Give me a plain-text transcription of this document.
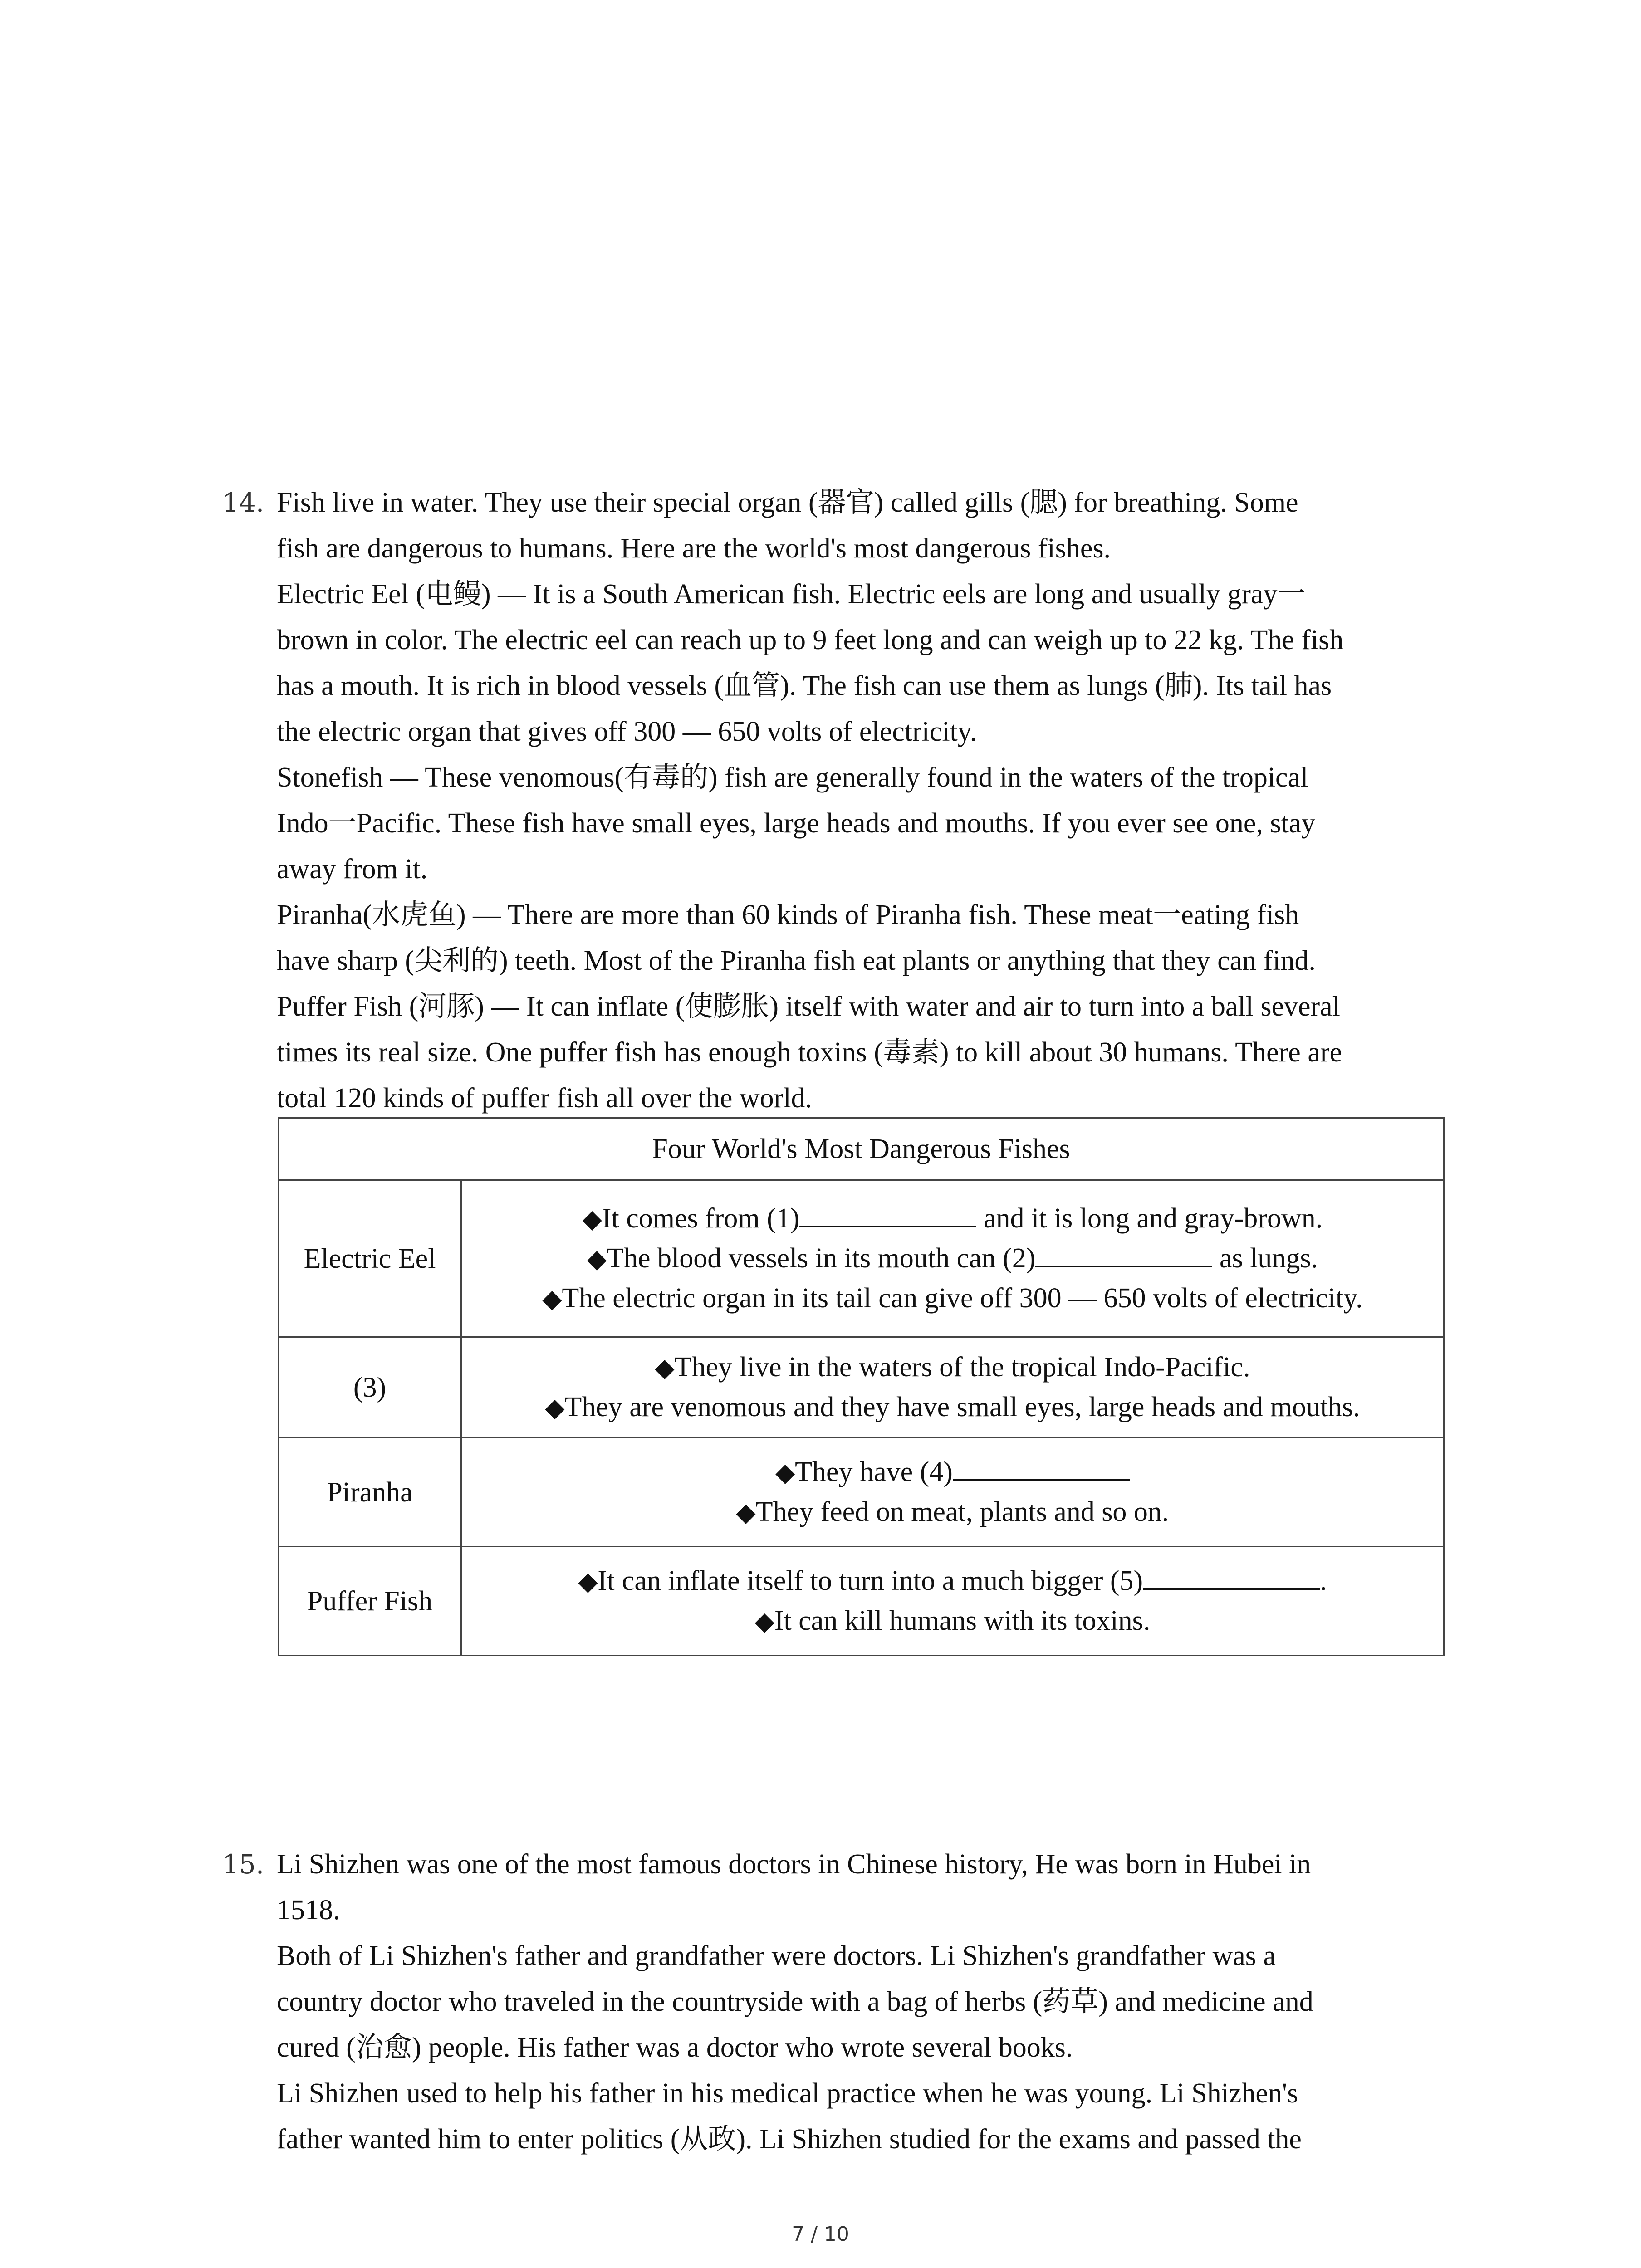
14. Fish live in water. They use their special organ (器官) called gills (腮) for breathing. Some
fish are dangerous to humans. Here are the world's most dangerous fishes.
Electric Eel (电鳗) — It is a South American fish. Electric eels are long and usually gray一
brown in color. The electric eel can reach up to 9 feet long and can weigh up to 22 kg. The fish
has a mouth. It is rich in blood vessels (血管). The fish can use them as lungs (肺). Its tail has
the electric organ that gives off 300 — 650 volts of electricity.
Stonefish — These venomous(有毒的) fish are generally found in the waters of the tropical
Indo一Pacific. These fish have small eyes, large heads and mouths. If you ever see one, stay
away from it.
Piranha(水虎鱼) — There are more than 60 kinds of Piranha fish. These meat一eating fish
have sharp (尖利的) teeth. Most of the Piranha fish eat plants or anything that they can find.
Puffer Fish (河豚) — It can inflate (使膨胀) itself with water and air to turn into a ball several
times its real size. One puffer fish has enough toxins (毒素) to kill about 30 humans. There are
total 120 kinds of puffer fish all over the world.
Four World's Most Dangerous Fishes	
Electric Eel	◆It comes from (1) and it is long and gray-brown.
◆The blood vessels in its mouth can (2) as lungs.
◆The electric organ in its tail can give off 300 — 650 volts of electricity.

(3)	◆They live in the waters of the tropical Indo-Pacific.
◆They are venomous and they have small eyes, large heads and mouths.

Piranha	◆They have (4)
◆They feed on meat, plants and so on.

Puffer Fish	◆It can inflate itself to turn into a much bigger (5) .
◆It can kill humans with its toxins.
15. Li Shizhen was one of the most famous doctors in Chinese history, He was born in Hubei in
1518.
Both of Li Shizhen's father and grandfather were doctors. Li Shizhen's grandfather was a
country doctor who traveled in the countryside with a bag of herbs (药草) and medicine and
cured (治愈) people. His father was a doctor who wrote several books.
Li Shizhen used to help his father in his medical practice when he was young. Li Shizhen's
father wanted him to enter politics (从政). Li Shizhen studied for the exams and passed the
7 / 10
